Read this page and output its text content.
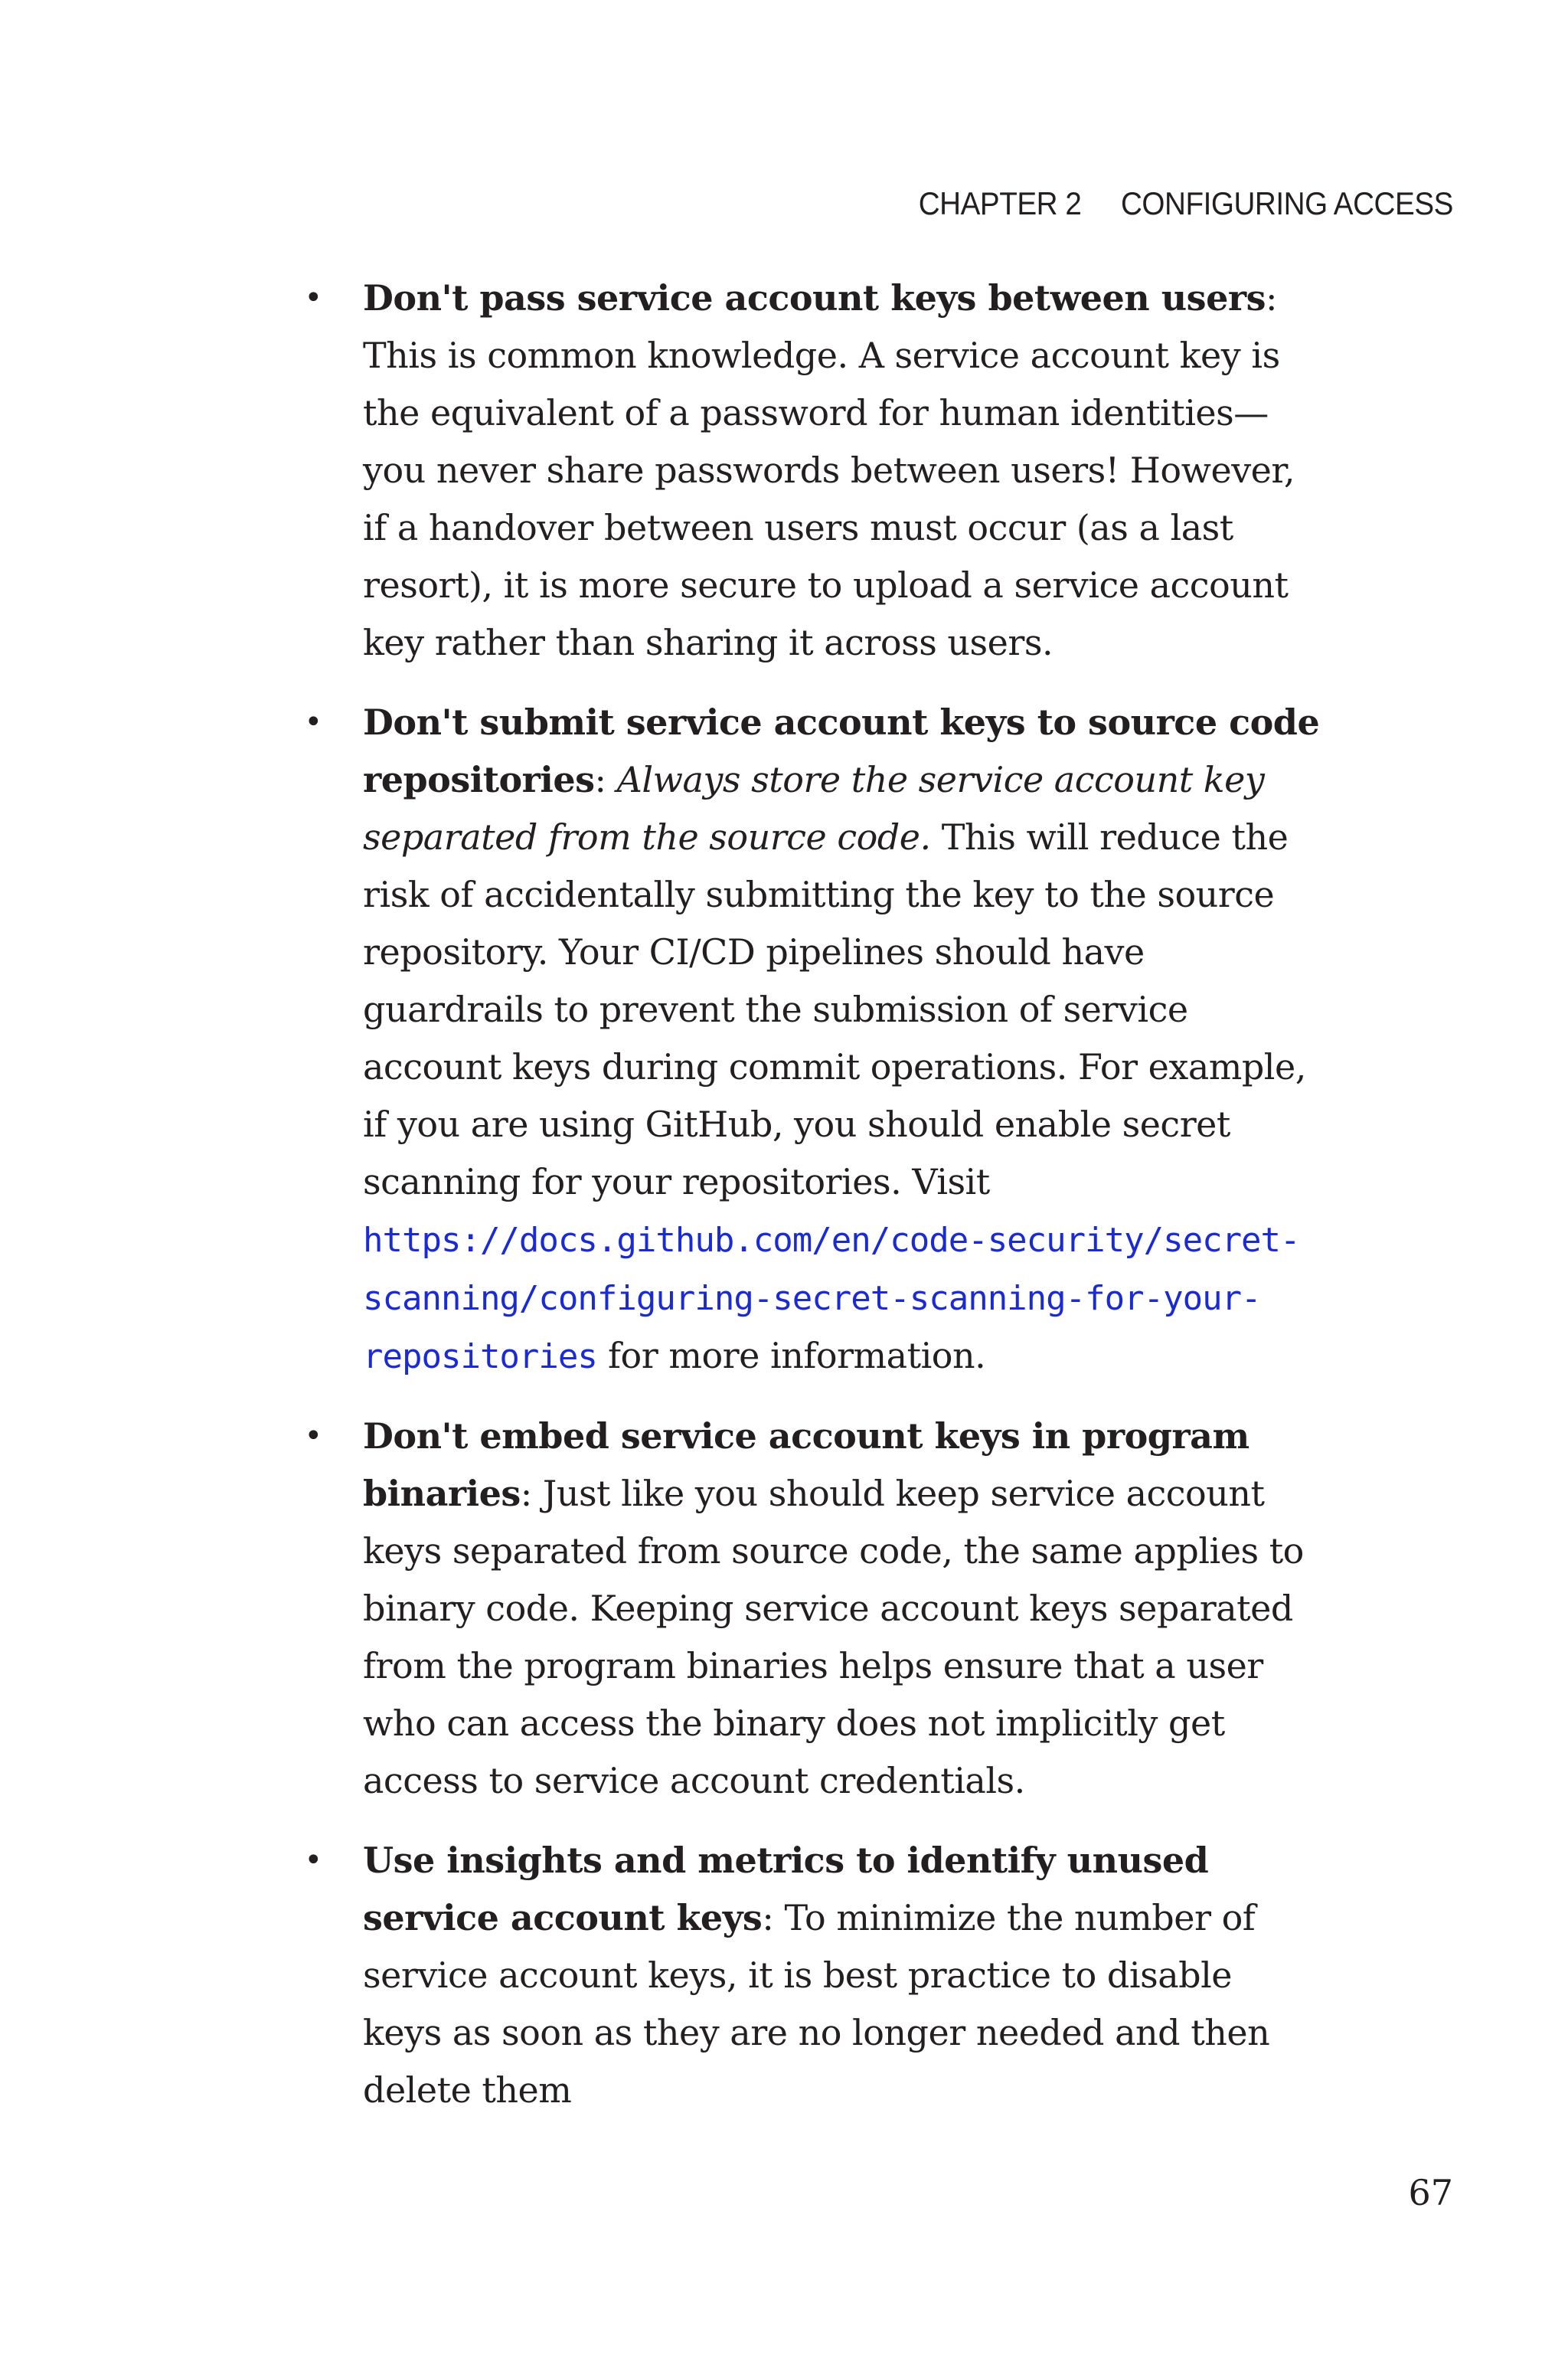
CHAPTER 2 CONFIGURING ACCESS
• Don't pass service account keys between users: This is common knowledge. A service account key is the equivalent of a password for human identities—you never share passwords between users! However, if a handover between users must occur (as a last resort), it is more secure to upload a service account key rather than sharing it across users.
• Don't submit service account keys to source code repositories: Always store the service account key separated from the source code. This will reduce the risk of accidentally submitting the key to the source repository. Your CI/CD pipelines should have guardrails to prevent the submission of service account keys during commit operations. For example, if you are using GitHub, you should enable secret scanning for your repositories. Visit https://docs.github.com/en/code-security/secret-scanning/configuring-secret-scanning-for-your-repositories for more information.
• Don't embed service account keys in program binaries: Just like you should keep service account keys separated from source code, the same applies to binary code. Keeping service account keys separated from the program binaries helps ensure that a user who can access the binary does not implicitly get access to service account credentials.
• Use insights and metrics to identify unused service account keys: To minimize the number of service account keys, it is best practice to disable keys as soon as they are no longer needed and then delete them
67
